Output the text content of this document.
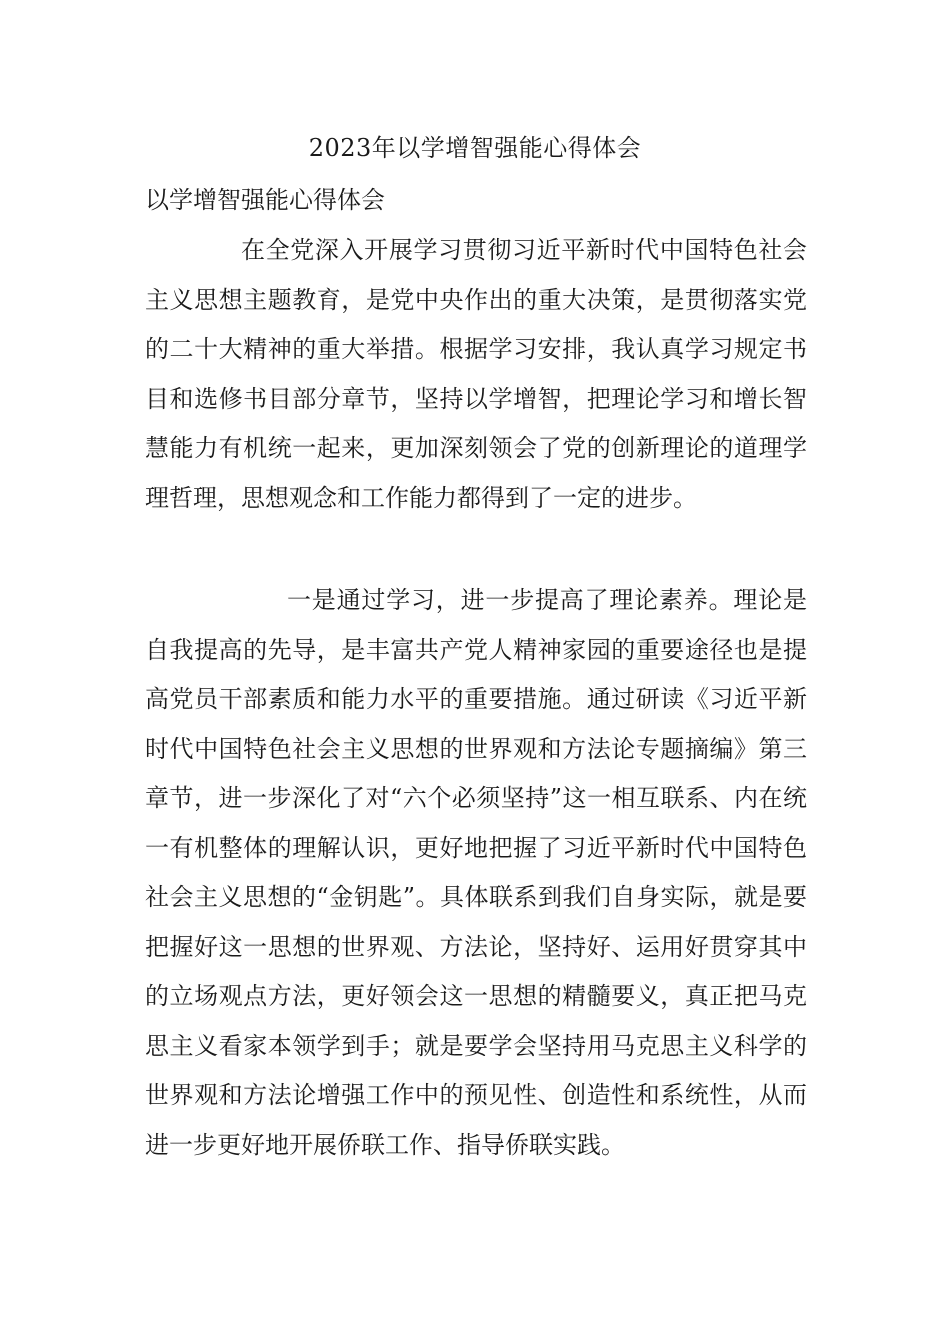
2023年以学增智强能心得体会
以学增智强能心得体会

在全党深入开展学习贯彻习近平新时代中国特色社会主义思想主题教育，是党中央作出的重大决策，是贯彻落实党的二十大精神的重大举措。根据学习安排，我认真学习规定书目和选修书目部分章节，坚持以学增智，把理论学习和增长智慧能力有机统一起来，更加深刻领会了党的创新理论的道理学理哲理，思想观念和工作能力都得到了一定的进步。

一是通过学习，进一步提高了理论素养。理论是自我提高的先导，是丰富共产党人精神家园的重要途径也是提高党员干部素质和能力水平的重要措施。通过研读《习近平新时代中国特色社会主义思想的世界观和方法论专题摘编》第三章节，进一步深化了对“六个必须坚持”这一相互联系、内在统一有机整体的理解认识，更好地把握了习近平新时代中国特色社会主义思想的“金钥匙”。具体联系到我们自身实际，就是要把握好这一思想的世界观、方法论，坚持好、运用好贯穿其中的立场观点方法，更好领会这一思想的精髓要义，真正把马克思主义看家本领学到手；就是要学会坚持用马克思主义科学的世界观和方法论增强工作中的预见性、创造性和系统性，从而进一步更好地开展侨联工作、指导侨联实践。
